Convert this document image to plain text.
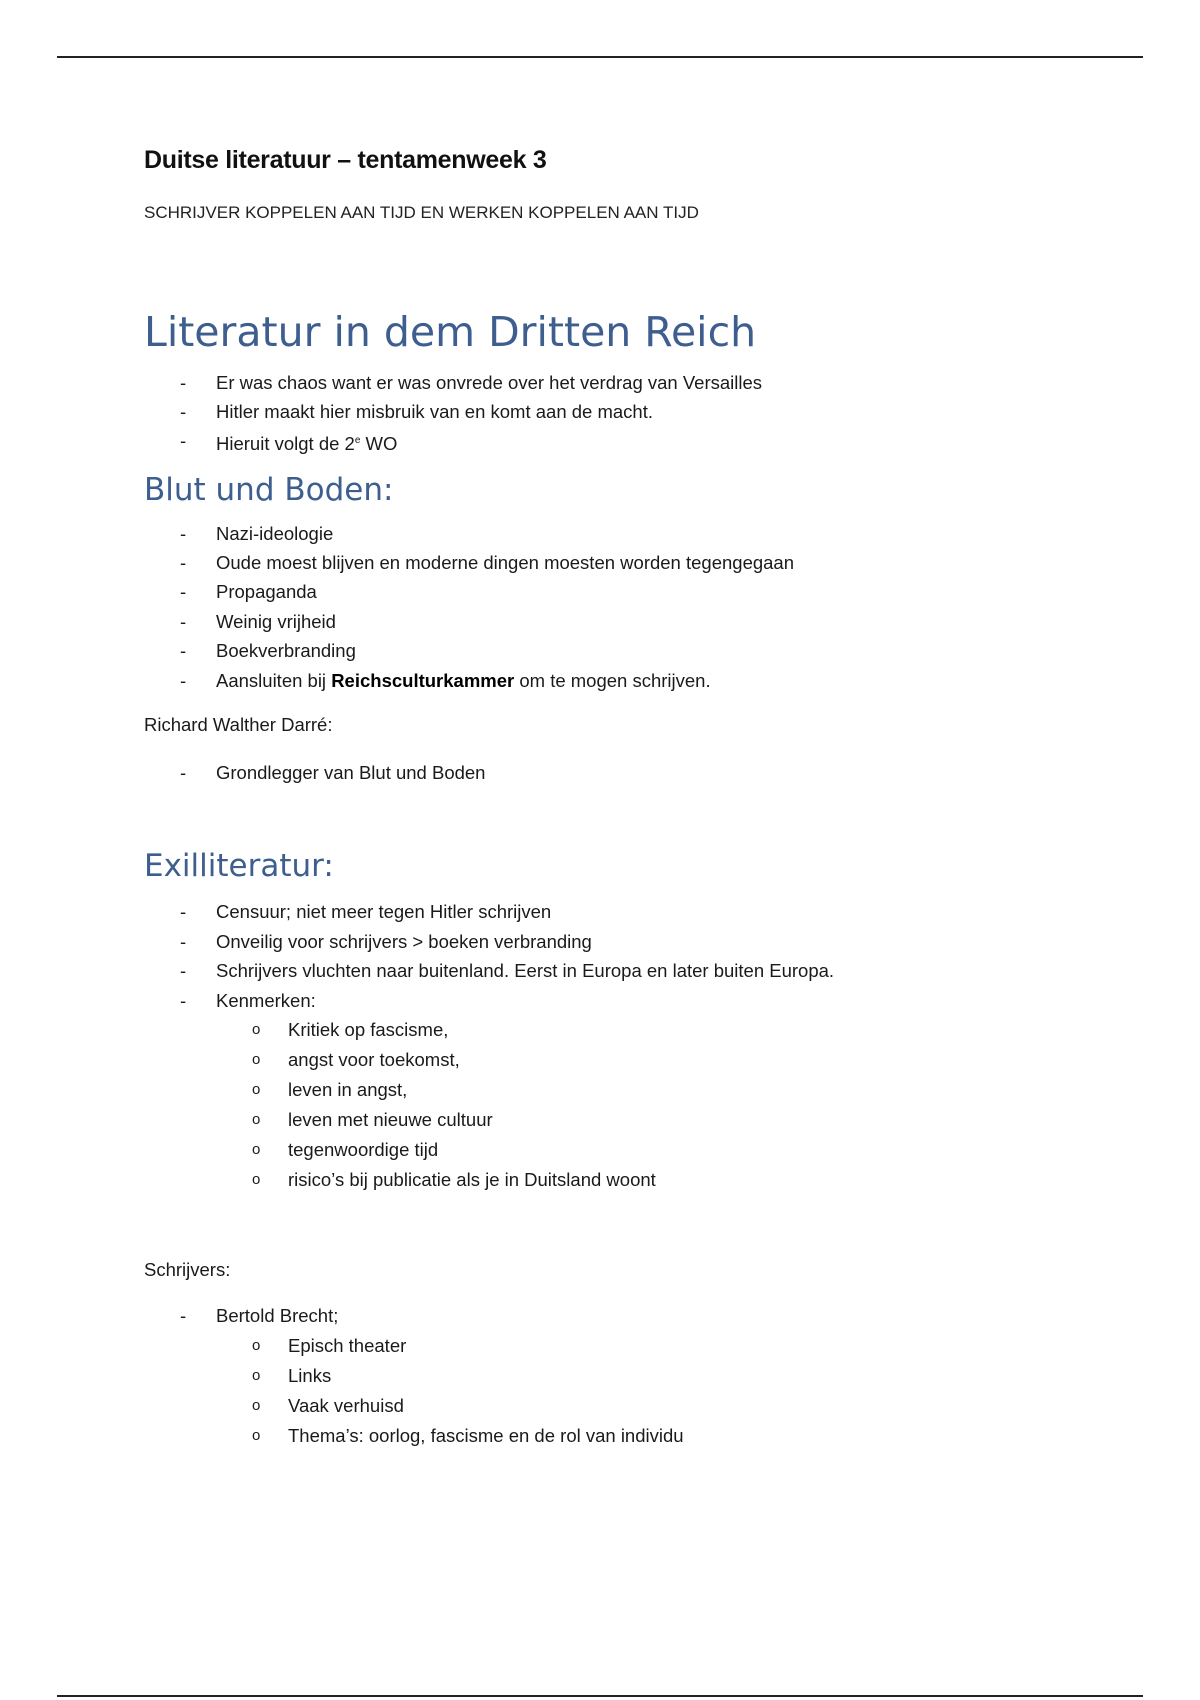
Duitse literatuur – tentamenweek 3
SCHRIJVER KOPPELEN AAN TIJD EN WERKEN KOPPELEN AAN TIJD
Literatur in dem Dritten Reich
- Er was chaos want er was onvrede over het verdrag van Versailles
- Hitler maakt hier misbruik van en komt aan de macht.
- Hieruit volgt de 2e WO
Blut und Boden:
- Nazi-ideologie
- Oude moest blijven en moderne dingen moesten worden tegengegaan
- Propaganda
- Weinig vrijheid
- Boekverbranding
- Aansluiten bij Reichsculturkammer om te mogen schrijven.
Richard Walther Darré:
- Grondlegger van Blut und Boden
Exilliteratur:
- Censuur; niet meer tegen Hitler schrijven
- Onveilig voor schrijvers > boeken verbranding
- Schrijvers vluchten naar buitenland. Eerst in Europa en later buiten Europa.
- Kenmerken:
o Kritiek op fascisme,
o angst voor toekomst,
o leven in angst,
o leven met nieuwe cultuur
o tegenwoordige tijd
o risico’s bij publicatie als je in Duitsland woont
Schrijvers:
- Bertold Brecht;
o Episch theater
o Links
o Vaak verhuisd
o Thema’s: oorlog, fascisme en de rol van individu
